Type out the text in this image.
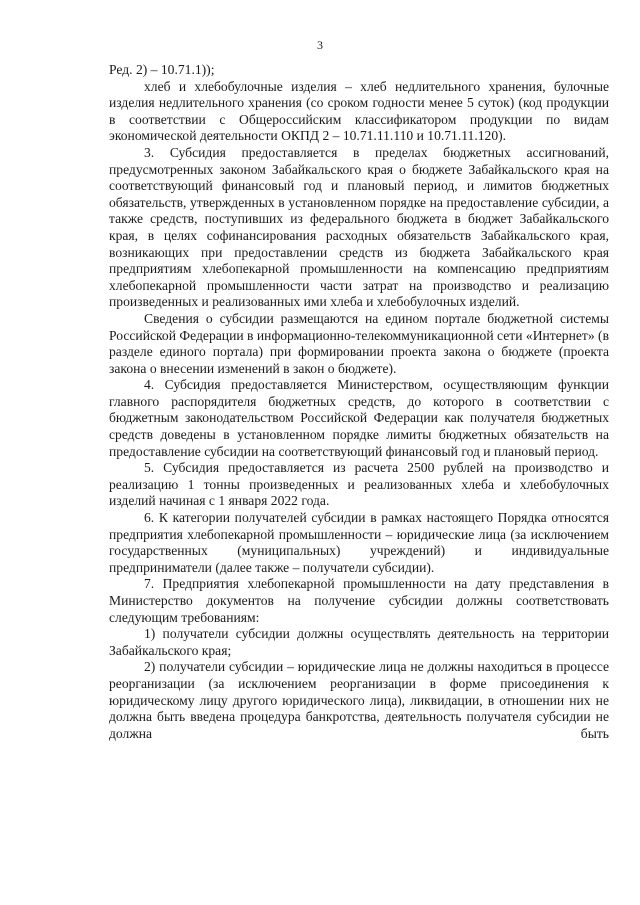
3

Ред. 2) – 10.71.1));

хлеб и хлебобулочные изделия – хлеб недлительного хранения, булочные изделия недлительного хранения (со сроком годности менее 5 суток) (код продукции в соответствии с Общероссийским классификатором продукции по видам экономической деятельности ОКПД 2 – 10.71.11.110 и 10.71.11.120).

3. Субсидия предоставляется в пределах бюджетных ассигнований, предусмотренных законом Забайкальского края о бюджете Забайкальского края на соответствующий финансовый год и плановый период, и лимитов бюджетных обязательств, утвержденных в установленном порядке на предоставление субсидии, а также средств, поступивших из федерального бюджета в бюджет Забайкальского края, в целях софинансирования расходных обязательств Забайкальского края, возникающих при предоставлении средств из бюджета Забайкальского края предприятиям хлебопекарной промышленности на компенсацию предприятиям хлебопекарной промышленности части затрат на производство и реализацию произведенных и реализованных ими хлеба и хлебобулочных изделий.

Сведения о субсидии размещаются на едином портале бюджетной системы Российской Федерации в информационно-телекоммуникационной сети «Интернет» (в разделе единого портала) при формировании проекта закона о бюджете (проекта закона о внесении изменений в закон о бюджете).

4. Субсидия предоставляется Министерством, осуществляющим функции главного распорядителя бюджетных средств, до которого в соответствии с бюджетным законодательством Российской Федерации как получателя бюджетных средств доведены в установленном порядке лимиты бюджетных обязательств на предоставление субсидии на соответствующий финансовый год и плановый период.

5. Субсидия предоставляется из расчета 2500 рублей на производство и реализацию 1 тонны произведенных и реализованных хлеба и хлебобулочных изделий начиная с 1 января 2022 года.

6. К категории получателей субсидии в рамках настоящего Порядка относятся предприятия хлебопекарной промышленности – юридические лица (за исключением государственных (муниципальных) учреждений) и индивидуальные предприниматели (далее также – получатели субсидии).

7. Предприятия хлебопекарной промышленности на дату представления в Министерство документов на получение субсидии должны соответствовать следующим требованиям:

1) получатели субсидии должны осуществлять деятельность на территории Забайкальского края;

2) получатели субсидии – юридические лица не должны находиться в процессе реорганизации (за исключением реорганизации в форме присоединения к юридическому лицу другого юридического лица), ликвидации, в отношении них не должна быть введена процедура банкротства, деятельность получателя субсидии не должна быть
